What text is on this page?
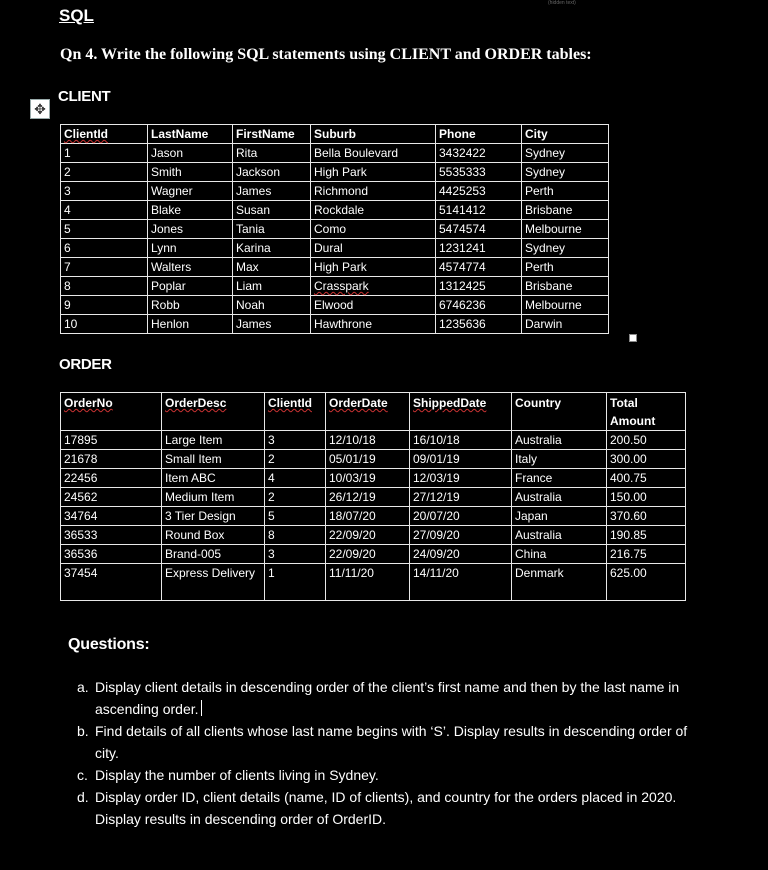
(hidden text)
SQL
Qn 4. Write the following SQL statements using CLIENT and ORDER tables:
✥
CLIENT
ClientId	LastName	FirstName	Suburb	Phone	City
1	Jason	Rita	Bella Boulevard	3432422	Sydney
2	Smith	Jackson	High Park	5535333	Sydney
3	Wagner	James	Richmond	4425253	Perth
4	Blake	Susan	Rockdale	5141412	Brisbane
5	Jones	Tania	Como	5474574	Melbourne
6	Lynn	Karina	Dural	1231241	Sydney
7	Walters	Max	High Park	4574774	Perth
8	Poplar	Liam	Crasspark	1312425	Brisbane
9	Robb	Noah	Elwood	6746236	Melbourne
10	Henlon	James	Hawthrone	1235636	Darwin
ORDER
OrderNo	OrderDesc	ClientId	OrderDate	ShippedDate	Country	Total Amount
17895	Large Item	3	12/10/18	16/10/18	Australia	200.50
21678	Small Item	2	05/01/19	09/01/19	Italy	300.00
22456	Item ABC	4	10/03/19	12/03/19	France	400.75
24562	Medium Item	2	26/12/19	27/12/19	Australia	150.00
34764	3 Tier Design	5	18/07/20	20/07/20	Japan	370.60
36533	Round Box	8	22/09/20	27/09/20	Australia	190.85
36536	Brand-005	3	22/09/20	24/09/20	China	216.75
37454	Express Delivery	1	11/11/20	14/11/20	Denmark	625.00
Questions:
a. Display client details in descending order of the client’s first name and then by the last name in ascending order.
b. Find details of all clients whose last name begins with ‘S’. Display results in descending order of city.
c. Display the number of clients living in Sydney.
d. Display order ID, client details (name, ID of clients), and country for the orders placed in 2020. Display results in descending order of OrderID.
